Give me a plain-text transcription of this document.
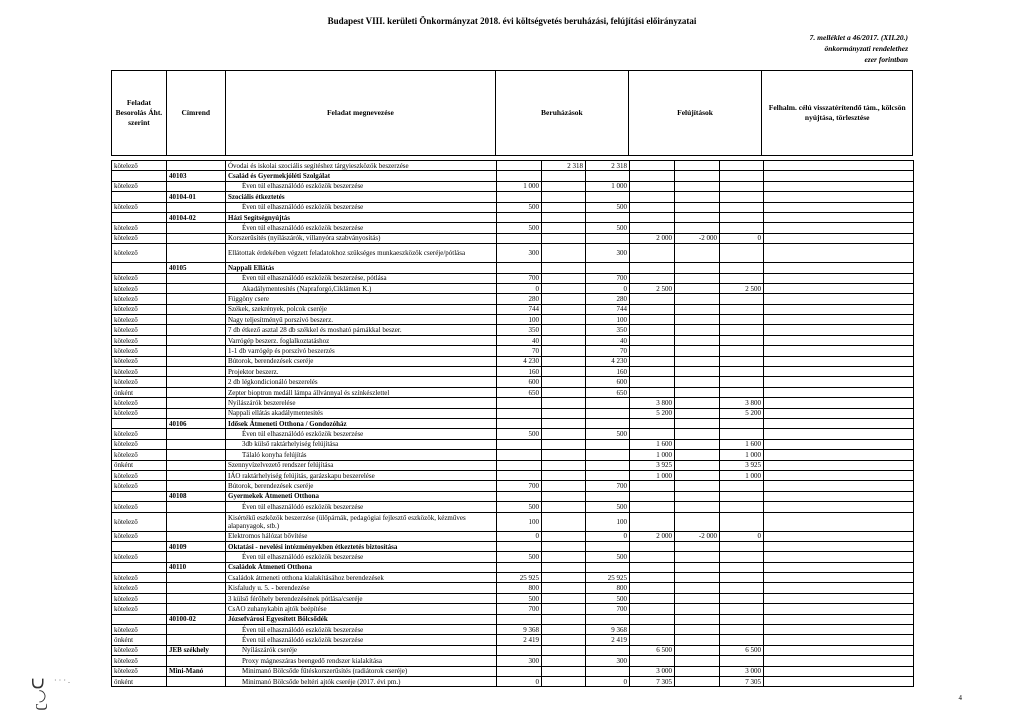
Budapest VIII. kerületi Önkormányzat 2018. évi költségvetés beruházási, felújítási előirányzatai
7. melléklet a 46/2017. (XII.20.)
önkormányzati rendelethez
ezer forintban
Feladat Besorolás Áht. szerint
Címrend	Feladat megnevezése	Beruházások	Felújítások
Felhalm. célú visszatérítendő tám., kölcsön nyújtása, törlesztése
kötelező		Óvodai és iskolai szociális segítéshez tárgyieszközök beszerzése		2 318	2 318				
	40103	Család és Gyermekjóléti Szolgálat							
kötelező		Éven túl elhasználódó eszközök beszerzése	1 000		1 000				
	40104-01	Szociális étkeztetés							
kötelező		Éven túl elhasználódó eszközök beszerzése	500		500				
	40104-02	Házi Segítségnyújtás							
kötelező		Éven túl elhasználódó eszközök beszerzése	500		500				
kötelező		Korszerűsítés (nyílászárók, villanyóra szabványosítás)				2 000	-2 000	0	
kötelező		Ellátottak érdekében végzett feladatokhoz szükséges munkaeszközök cseréje/pótlása	300		300				
	40105	Nappali Ellátás							
kötelező		Éven túl elhasználódó eszközök beszerzése, pótlása	700		700				
kötelező		Akadálymentesítés (Napraforgó,Ciklámen K.)	0		0	2 500		2 500	
kötelező		Függöny csere	280		280				
kötelező		Székek, szekrények, polcok cseréje	744		744				
kötelező		Nagy teljesítményű porszívó beszerz.	100		100				
kötelező		7 db étkező asztal 28 db székkel és mosható párnákkal beszer.	350		350				
kötelező		Varrógép beszerz. foglalkoztatáshoz	40		40				
kötelező		1-1 db varrógép és porszívó beszerzés	70		70				
kötelező		Bútorok, berendezések cseréje	4 230		4 230				
kötelező		Projektor beszerz.	160		160				
kötelező		2 db légkondicionáló beszerelés	600		600				
önként		Zepter bioptron medáll lámpa állvánnyal és színkészlettel	650		650				
kötelező		Nyílászárók beszerelése				3 800		3 800	
kötelező		Nappali ellátás akadálymentesítés				5 200		5 200	
	40106	Idősek Átmeneti Otthona / Gondozóház							
kötelező		Éven túl elhasználódó eszközök beszerzése	500		500				
kötelező		3db külső raktárhelyiség felújítása				1 600		1 600	
kötelező		Tálaló konyha felújítás				1 000		1 000	
önként		Szennyvízelvezető rendszer felújítása				3 925		3 925	
kötelező		IÁO raktárhelyiség felújítás, garázskapu beszerelése				1 000		1 000	
kötelező		Bútorok, berendezések cseréje	700		700				
	40108	Gyermekek Átmeneti Otthona							
kötelező		Éven túl elhasználódó eszközök beszerzése	500		500				
kötelező		Kisértékű eszközök beszerzése (ülőpárnák, pedagógiai fejlesztő eszközök, kézműves alapanyagok, stb.)	100		100				
kötelező		Elektromos hálózat bővítése	0		0	2 000	-2 000	0	
	40109	Oktatási - nevelési intézményekben étkeztetés biztosítása							
kötelező		Éven túl elhasználódó eszközök beszerzése	500		500				
	40110	Családok Átmeneti Otthona							
kötelező		Családok átmeneti otthona kialakításához berendezések	25 925		25 925				
kötelező		Kisfaludy u. 5. - berendezése	800		800				
kötelező		3 külső férőhely berendezésének pótlása/cseréje	500		500				
kötelező		CsAO zuhanykabin ajtók beépítése	700		700				
	40100-02	Józsefvárosi Egyesített Bölcsődék							
kötelező		Éven túl elhasználódó eszközök beszerzése	9 368		9 368				
önként		Éven túl elhasználódó eszközök beszerzése	2 419		2 419				
kötelező	JEB székhely	Nyílászárók cseréje				6 500		6 500	
kötelező		Proxy mágneszáras beengedő rendszer kialakítása	300		300				
kötelező	Mini-Manó	Minimanó Bölcsőde fűtéskorszerűsítés (radiátorok cseréje)				3 000		3 000	
önként		Minimanó Bölcsőde beltéri ajtók cseréje (2017. évi pm.)	0		0	7 305		7 305	
4
ʗ◡ᑕ · · · .
